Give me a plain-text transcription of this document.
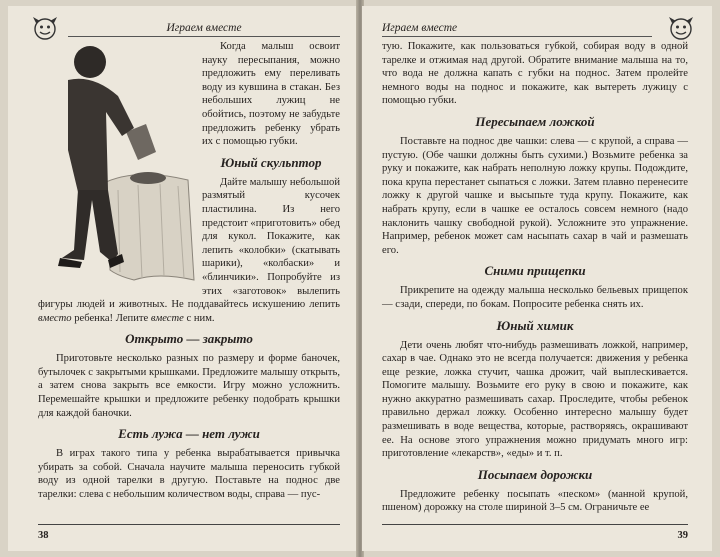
Играем вместе

Когда малыш освоит науку пересыпания, можно предложить ему переливать воду из кувшина в стакан. Без небольших лужиц не обойтись, поэтому не забудьте предложить ребенку убрать их с помощью губки.

Юный скульптор

Дайте малышу небольшой размятый кусочек пластилина. Из него предстоит «приготовить» обед для кукол. Покажите, как лепить «колобки» (скатывать шарики), «колбаски» и «блинчики». Попробуйте из этих «заготовок» вылепить фигуры людей и животных. Не поддавайтесь искушению лепить вместо ребенка! Лепите вместе с ним.

Открыто — закрыто

Приготовьте несколько разных по размеру и форме баночек, бутылочек с закрытыми крышками. Предложите малышу открыть, а затем снова закрыть все емкости. Игру можно усложнить. Перемешайте крышки и предложите ребенку подобрать крышки для каждой баночки.

Есть лужа — нет лужи

В играх такого типа у ребенка вырабатывается привычка убирать за собой. Сначала научите малыша переносить губкой воду из одной тарелки в другую. Поставьте на поднос две тарелки: слева с небольшим количеством воды, справа — пус-

38
Играем вместе

тую. Покажите, как пользоваться губкой, собирая воду в одной тарелке и отжимая над другой. Обратите внимание малыша на то, что вода не должна капать с губки на поднос. Затем пролейте немного воды на поднос и покажите, как вытереть лужицу с помощью губки.

Пересыпаем ложкой

Поставьте на поднос две чашки: слева — с крупой, а справа — пустую. (Обе чашки должны быть сухими.) Возьмите ребенка за руку и покажите, как набрать неполную ложку крупы. Подождите, пока крупа перестанет сыпаться с ложки. Затем плавно перенесите ложку к другой чашке и высыпьте туда крупу. Покажите, как набрать крупу, если в чашке ее осталось совсем немного (надо наклонить чашку свободной рукой). Усложните это упражнение. Например, ребенок может сам насыпать сахар в чай и размешать его.

Сними прищепки

Прикрепите на одежду малыша несколько бельевых прищепок — сзади, спереди, по бокам. Попросите ребенка снять их.

Юный химик

Дети очень любят что-нибудь размешивать ложкой, например, сахар в чае. Однако это не всегда получается: движения у ребенка еще резкие, ложка стучит, чашка дрожит, чай выплескивается. Помогите малышу. Возьмите его руку в свою и покажите, как нужно аккуратно размешивать сахар. Проследите, чтобы ребенок правильно держал ложку. Особенно интересно малышу будет размешивать в воде вещества, которые, растворяясь, окрашивают ее. На основе этого упражнения можно придумать много игр: приготовление «лекарств», «еды» и т. п.

Посыпаем дорожки

Предложите ребенку посыпать «песком» (манной крупой, пшеном) дорожку на столе шириной 3–5 см. Ограничьте ее

39
